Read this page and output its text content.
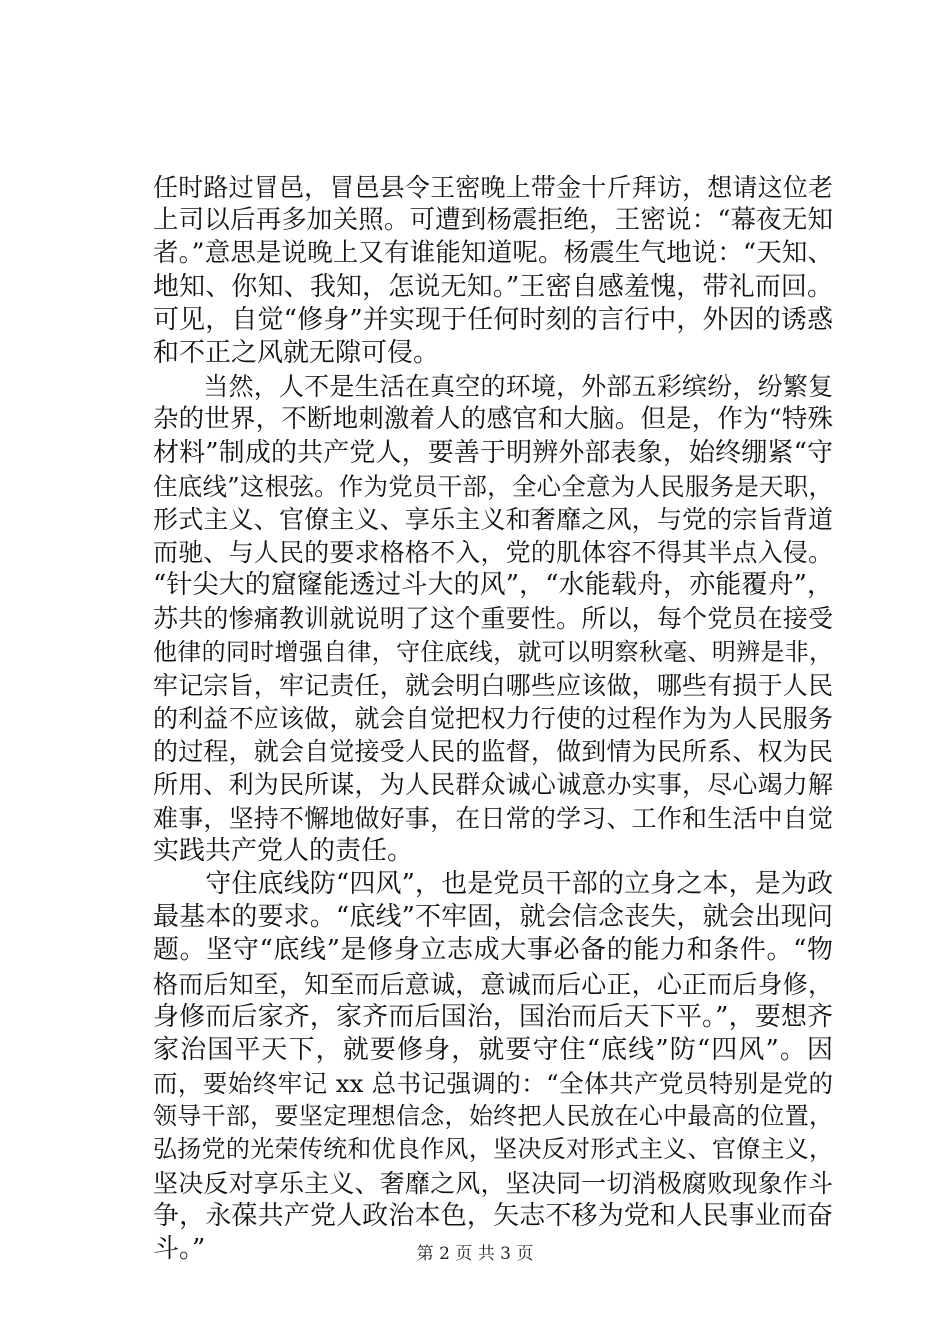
任时路过冒邑，冒邑县令王密晚上带金十斤拜访，想请这位老
上司以后再多加关照。可遭到杨震拒绝，王密说：“幕夜无知
者。”意思是说晚上又有谁能知道呢。杨震生气地说：“天知、
地知、你知、我知，怎说无知。”王密自感羞愧，带礼而回。
可见，自觉“修身”并实现于任何时刻的言行中，外因的诱惑
和不正之风就无隙可侵。
　　当然，人不是生活在真空的环境，外部五彩缤纷，纷繁复
杂的世界，不断地刺激着人的感官和大脑。但是，作为“特殊
材料”制成的共产党人，要善于明辨外部表象，始终绷紧“守
住底线”这根弦。作为党员干部，全心全意为人民服务是天职，
形式主义、官僚主义、享乐主义和奢靡之风，与党的宗旨背道
而驰、与人民的要求格格不入，党的肌体容不得其半点入侵。
“针尖大的窟窿能透过斗大的风”，“水能载舟，亦能覆舟”，
苏共的惨痛教训就说明了这个重要性。所以，每个党员在接受
他律的同时增强自律，守住底线，就可以明察秋毫、明辨是非，
牢记宗旨，牢记责任，就会明白哪些应该做，哪些有损于人民
的利益不应该做，就会自觉把权力行使的过程作为为人民服务
的过程，就会自觉接受人民的监督，做到情为民所系、权为民
所用、利为民所谋，为人民群众诚心诚意办实事，尽心竭力解
难事，坚持不懈地做好事，在日常的学习、工作和生活中自觉
实践共产党人的责任。
　　守住底线防“四风”，也是党员干部的立身之本，是为政
最基本的要求。“底线”不牢固，就会信念丧失，就会出现问
题。坚守“底线”是修身立志成大事必备的能力和条件。“物
格而后知至，知至而后意诚，意诚而后心正，心正而后身修，
身修而后家齐，家齐而后国治，国治而后天下平。”，要想齐
家治国平天下，就要修身，就要守住“底线”防“四风”。因
而，要始终牢记 xx 总书记强调的：“全体共产党员特别是党的
领导干部，要坚定理想信念，始终把人民放在心中最高的位置，
弘扬党的光荣传统和优良作风，坚决反对形式主义、官僚主义，
坚决反对享乐主义、奢靡之风，坚决同一切消极腐败现象作斗
争，永葆共产党人政治本色，矢志不移为党和人民事业而奋
斗。”	第 2 页 共 3 页
